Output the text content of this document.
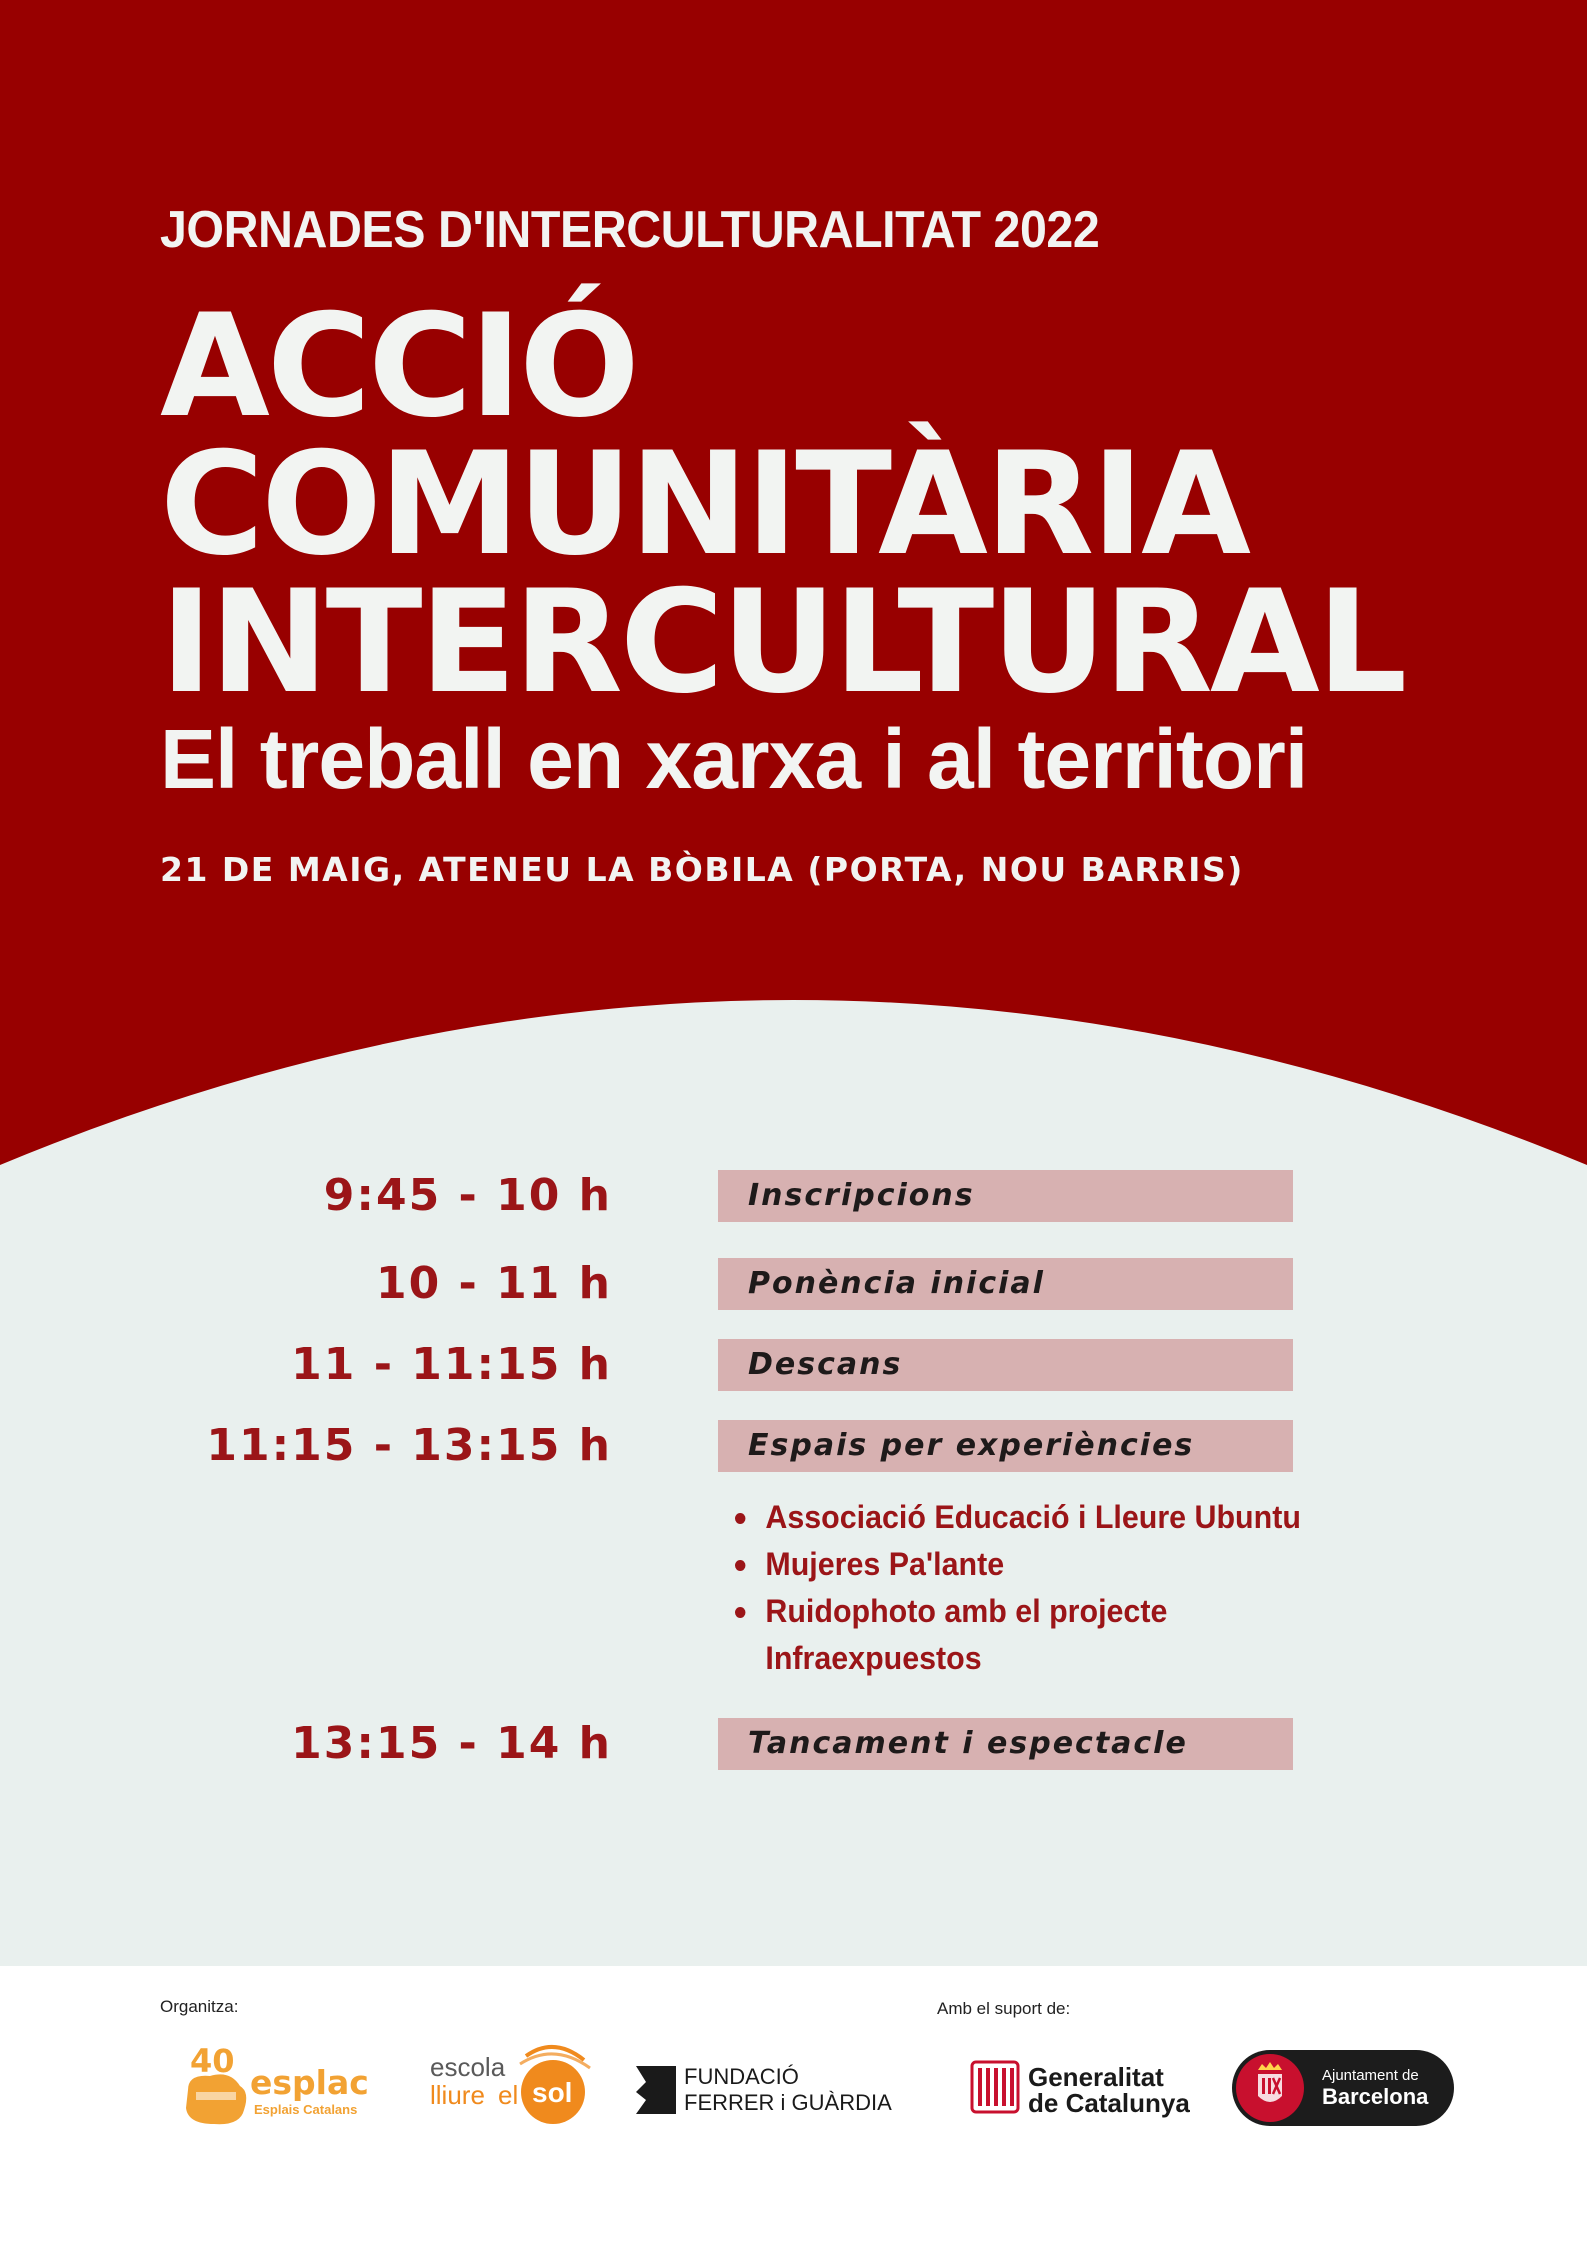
JORNADES D'INTERCULTURALITAT 2022

ACCIÓ
COMUNITÀRIA
INTERCULTURAL

El treball en xarxa i al territori

21 DE MAIG, ATENEU LA BÒBILA (PORTA, NOU BARRIS)
9:45 - 10 h	Inscripcions
10 - 11 h	Ponència inicial
11 - 11:15 h	Descans
11:15 - 13:15 h	Espais per experiències
Associació Educació i Lleure Ubuntu
Mujeres Pa'lante
Ruidophoto amb el projecte
Infraexpuestos
13:15 - 14 h	Tancament i espectacle
Organitza:	Amb el suport de:
40
esplac
Esplais Catalans
escola
lliure el sol
FUNDACIÓ
FERRER i GUÀRDIA
Generalitat
de Catalunya
Ajuntament de
Barcelona
